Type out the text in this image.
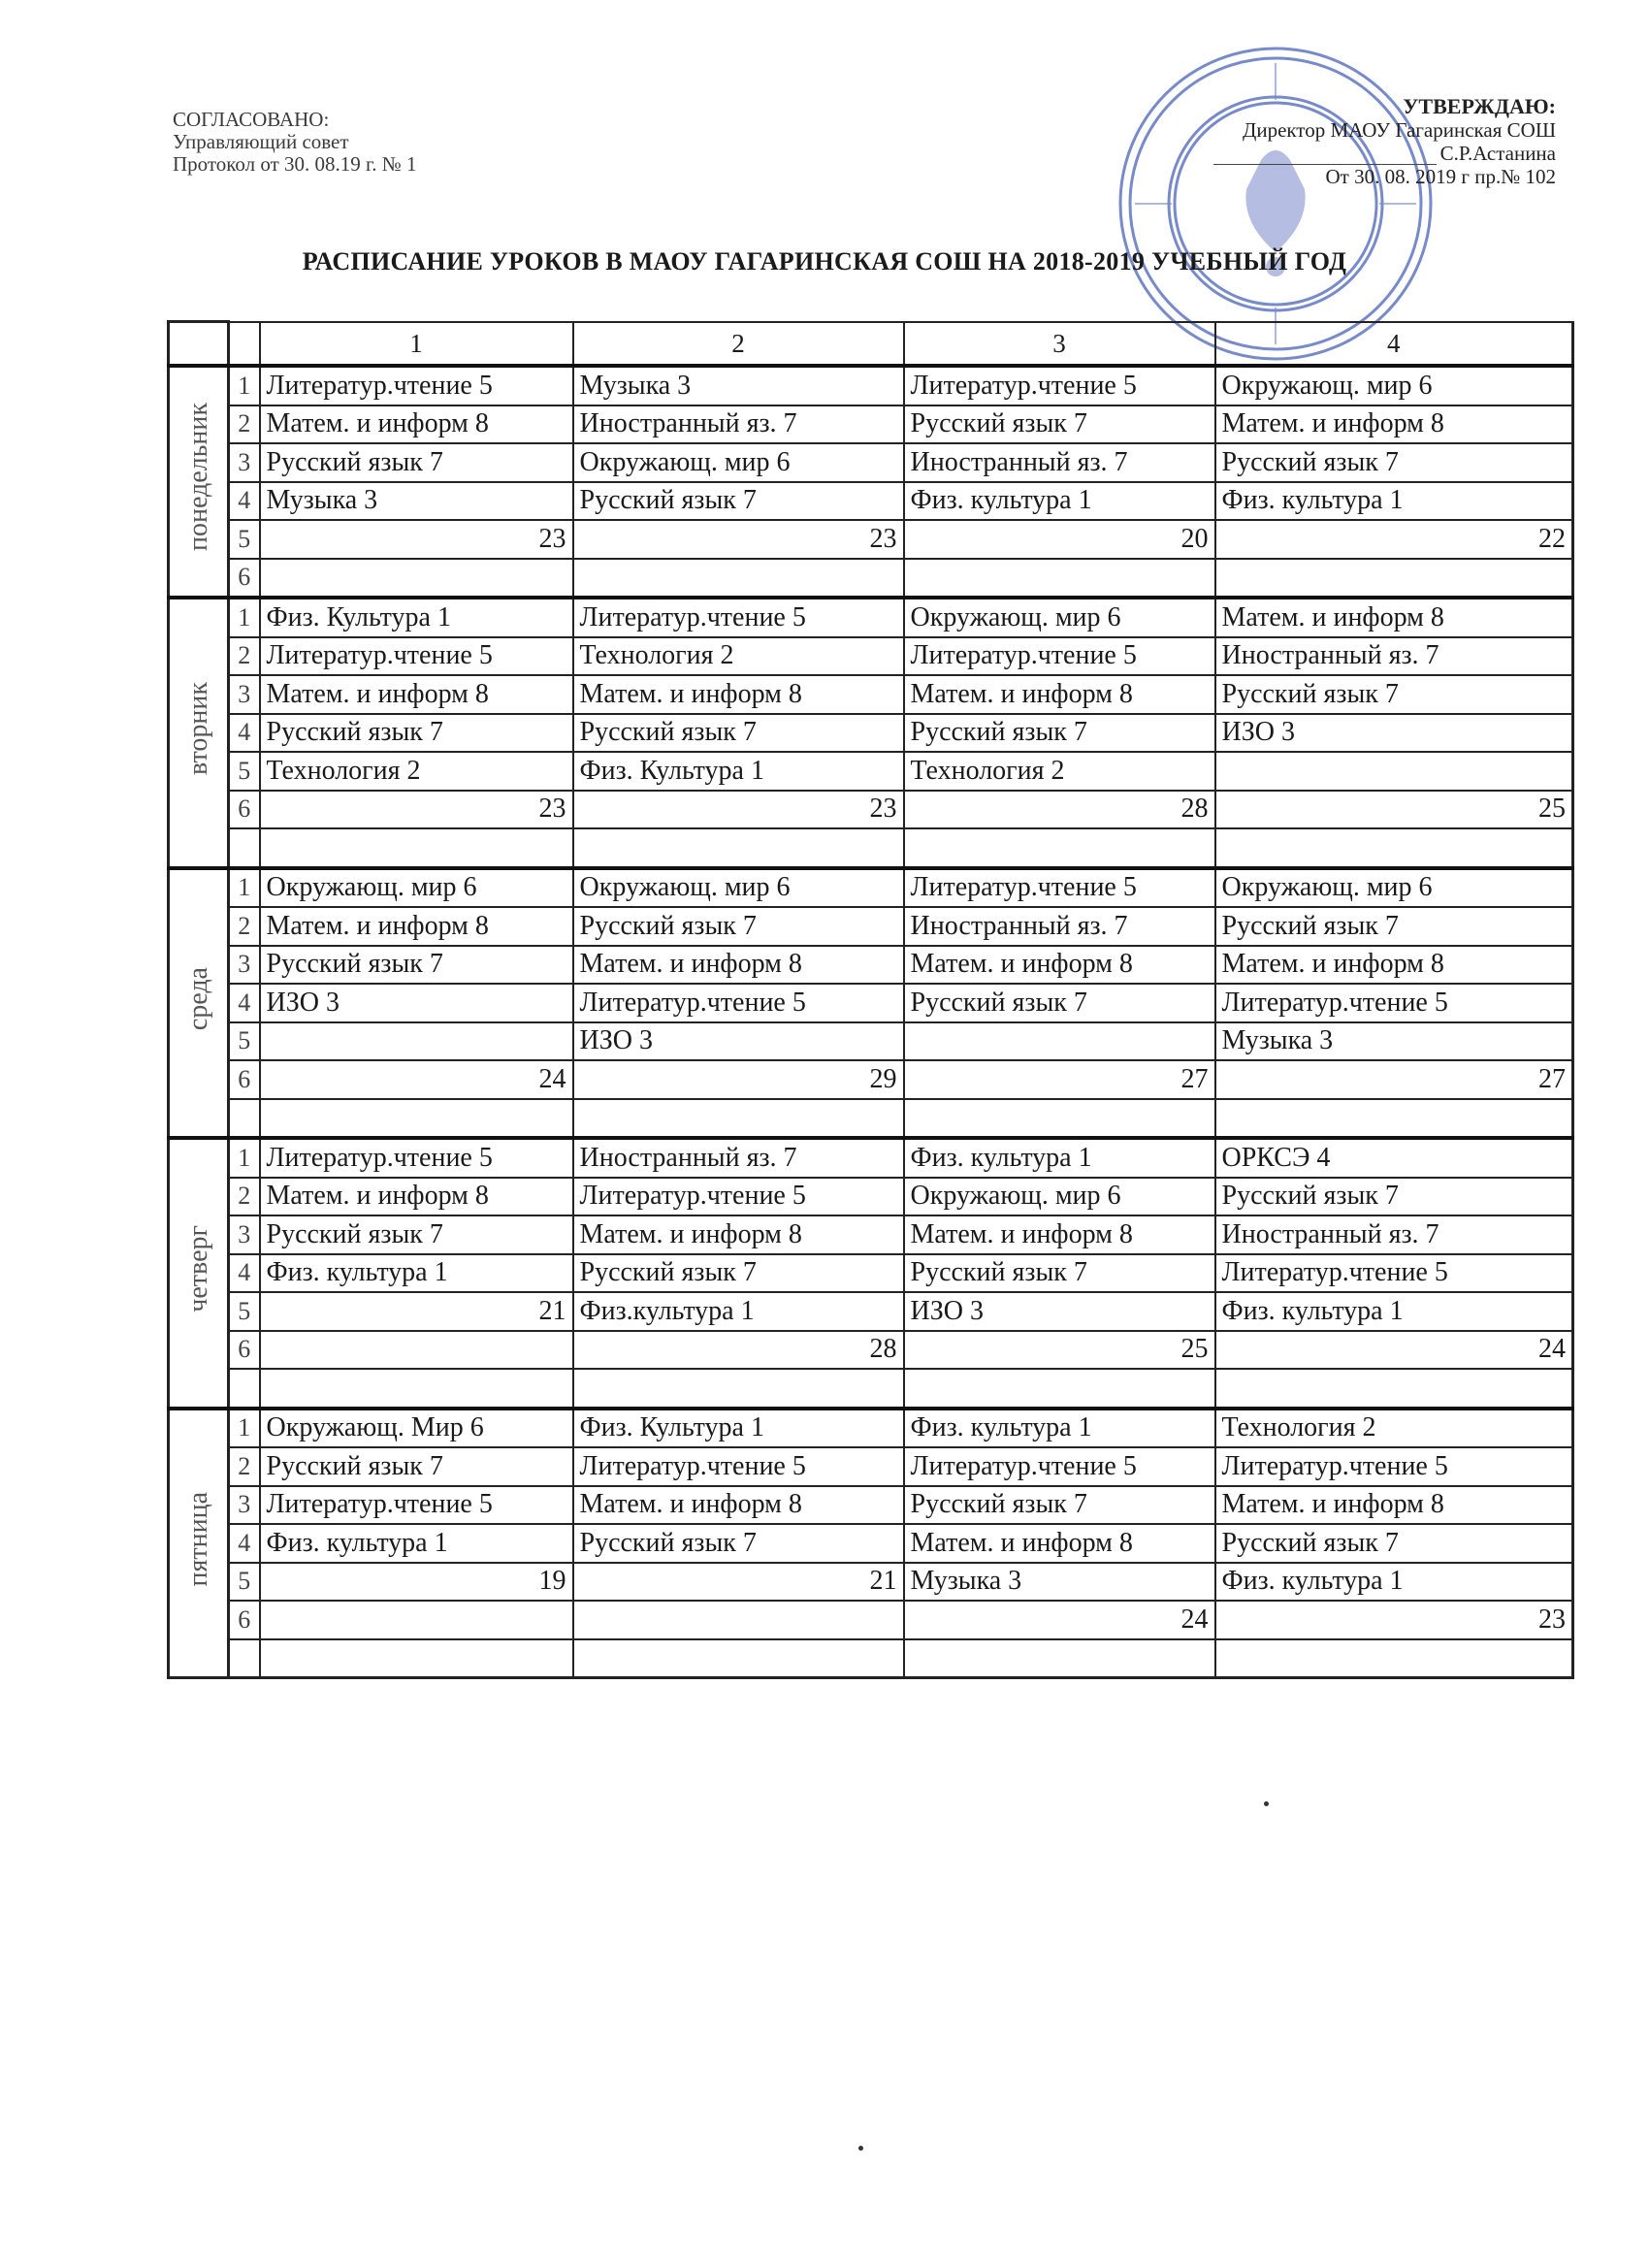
СОГЛАСОВАНО:
Управляющий совет
Протокол от 30. 08.19 г. № 1
УТВЕРЖДАЮ:
Директор МАОУ Гагаринская СОШ
С.Р.Астанина
От 30. 08. 2019 г пр.№ 102
РАСПИСАНИЕ УРОКОВ В МАОУ ГАГАРИНСКАЯ СОШ НА 2018-2019 УЧЕБНЫЙ ГОД
		1	2	3	4
понедельник	1	Литератур.чтение 5	Музыка 3	Литератур.чтение 5	Окружающ. мир 6
	2	Матем. и информ 8	Иностранный яз. 7	Русский язык 7	Матем. и информ 8
	3	Русский язык 7	Окружающ. мир 6	Иностранный яз. 7	Русский язык 7
	4	Музыка 3	Русский язык 7	Физ. культура 1	Физ. культура 1
	5	23	23	20	22
	6				
вторник	1	Физ. Культура 1	Литератур.чтение 5	Окружающ. мир 6	Матем. и информ 8
	2	Литератур.чтение 5	Технология 2	Литератур.чтение 5	Иностранный яз. 7
	3	Матем. и информ 8	Матем. и информ 8	Матем. и информ 8	Русский язык 7
	4	Русский язык 7	Русский язык 7	Русский язык 7	ИЗО 3
	5	Технология 2	Физ. Культура 1	Технология 2	
	6	23	23	28	25

среда	1	Окружающ. мир 6	Окружающ. мир 6	Литератур.чтение 5	Окружающ. мир 6
	2	Матем. и информ 8	Русский язык 7	Иностранный яз. 7	Русский язык 7
	3	Русский язык 7	Матем. и информ 8	Матем. и информ 8	Матем. и информ 8
	4	ИЗО 3	Литератур.чтение 5	Русский язык 7	Литератур.чтение 5
	5		ИЗО 3		Музыка 3
	6	24	29	27	27

четверг	1	Литератур.чтение 5	Иностранный яз. 7	Физ. культура 1	ОРКСЭ 4
	2	Матем. и информ 8	Литератур.чтение 5	Окружающ. мир 6	Русский язык 7
	3	Русский язык 7	Матем. и информ 8	Матем. и информ 8	Иностранный яз. 7
	4	Физ. культура 1	Русский язык 7	Русский язык 7	Литератур.чтение 5
	5	21	Физ.культура 1	ИЗО 3	Физ. культура 1
	6		28	25	24

пятница	1	Окружающ. Мир 6	Физ. Культура 1	Физ. культура 1	Технология 2
	2	Русский язык 7	Литератур.чтение 5	Литератур.чтение 5	Литератур.чтение 5
	3	Литератур.чтение 5	Матем. и информ 8	Русский язык 7	Матем. и информ 8
	4	Физ. культура 1	Русский язык 7	Матем. и информ 8	Русский язык 7
	5	19	21	Музыка 3	Физ. культура 1
	6			24	23
